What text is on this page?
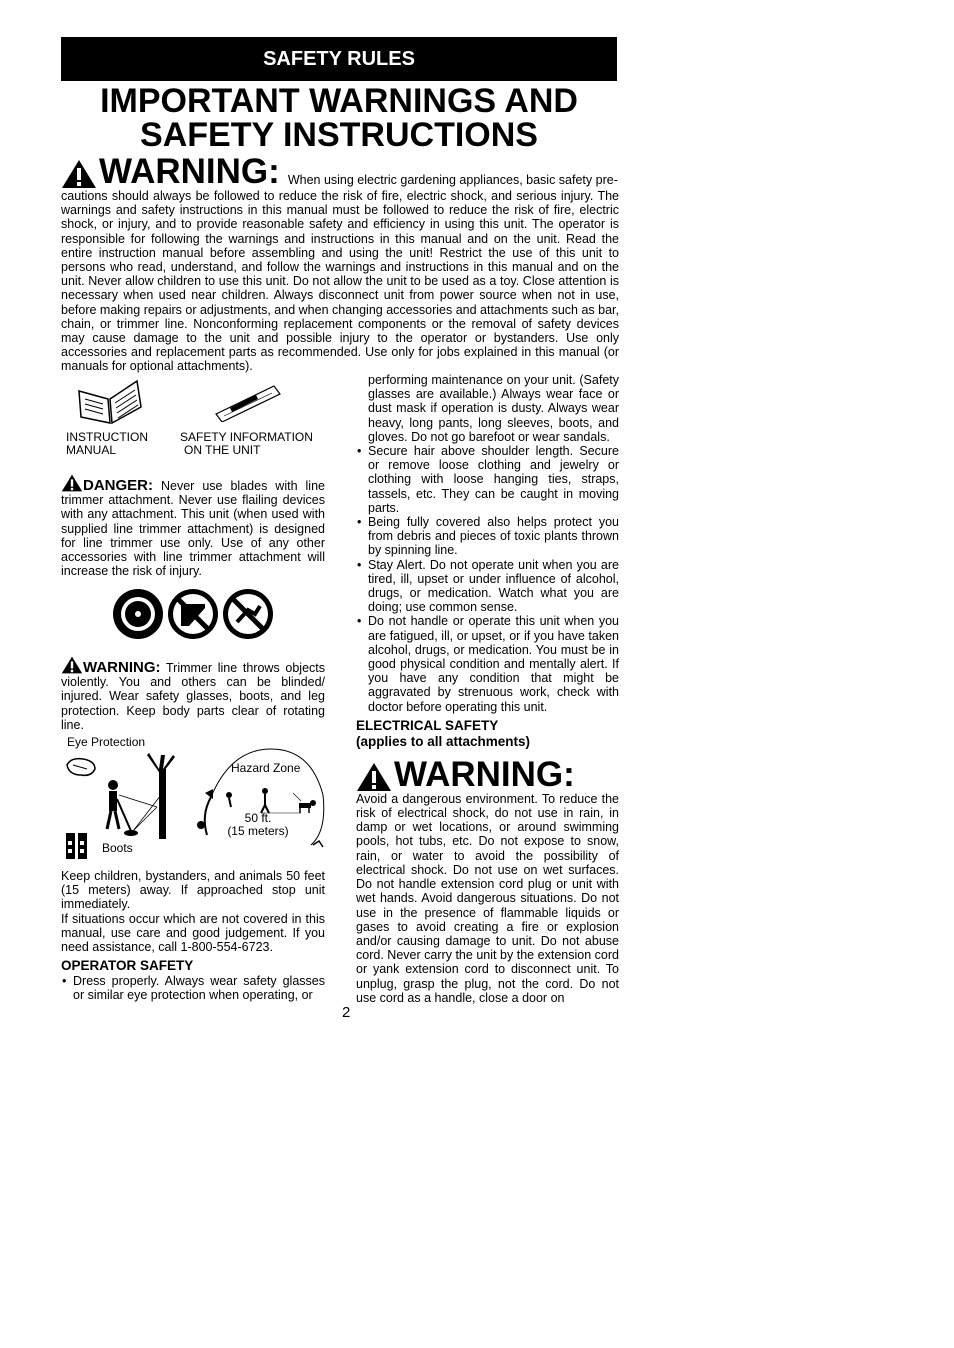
SAFETY RULES
IMPORTANT WARNINGS AND
SAFETY INSTRUCTIONS
WARNING: When using electric gardening appliances, basic safety pre-
cautions should always be followed to reduce the risk of fire, electric shock, and serious injury. The warnings and safety instructions in this manual must be followed to reduce the risk of fire, electric shock, or injury, and to provide reasonable safety and efficiency in using this unit. The operator is responsible for following the warnings and instructions in this manual and on the unit. Read the entire instruction manual before assembling and using the unit! Restrict the use of this unit to persons who read, understand, and follow the warnings and instructions in this manual and on the unit. Never allow children to use this unit. Do not allow the unit to be used as a toy. Close attention is necessary when used near children. Always disconnect unit from power source when not in use, before making repairs or adjustments, and when changing accessories and attachments such as bar, chain, or trimmer line. Nonconforming replacement components or the removal of safety devices may cause damage to the unit and possible injury to the operator or bystanders. Use only accessories and replacement parts as recommended. Use only for jobs explained in this manual (or manuals for optional attachments).
INSTRUCTION
MANUAL
SAFETY INFORMATION
ON THE UNIT
DANGER: Never use blades with line trimmer attachment. Never use flailing devices with any attachment. This unit (when used with supplied line trimmer attachment) is designed for line trimmer use only. Use of any other accessories with line trimmer attachment will increase the risk of injury.
WARNING: Trimmer line throws objects violently. You and others can be blinded/ injured. Wear safety glasses, boots, and leg protection. Keep body parts clear of rotating line.
Eye Protection
Hazard Zone
50 ft.
(15 meters)
Boots
Keep children, bystanders, and animals 50 feet (15 meters) away. If approached stop unit immediately.
If situations occur which are not covered in this manual, use care and good judgement. If you need assistance, call 1-800-554-6723.
OPERATOR SAFETY
• Dress properly. Always wear safety glasses or similar eye protection when operating, or
2
performing maintenance on your unit. (Safety glasses are available.) Always wear face or dust mask if operation is dusty. Always wear heavy, long pants, long sleeves, boots, and gloves. Do not go barefoot or wear sandals.
• Secure hair above shoulder length. Secure or remove loose clothing and jewelry or clothing with loose hanging ties, straps, tassels, etc. They can be caught in moving parts.
• Being fully covered also helps protect you from debris and pieces of toxic plants thrown by spinning line.
• Stay Alert. Do not operate unit when you are tired, ill, upset or under influence of alcohol, drugs, or medication. Watch what you are doing; use common sense.
• Do not handle or operate this unit when you are fatigued, ill, or upset, or if you have taken alcohol, drugs, or medication. You must be in good physical condition and mentally alert. If you have any condition that might be aggravated by strenuous work, check with doctor before operating this unit.
ELECTRICAL SAFETY
(applies to all attachments)
WARNING:
Avoid a dangerous environment. To reduce the risk of electrical shock, do not use in rain, in damp or wet locations, or around swimming pools, hot tubs, etc. Do not expose to snow, rain, or water to avoid the possibility of electrical shock. Do not use on wet surfaces. Do not handle extension cord plug or unit with wet hands. Avoid dangerous situations. Do not use in the presence of flammable liquids or gases to avoid creating a fire or explosion and/or causing damage to unit. Do not abuse cord. Never carry the unit by the extension cord or yank extension cord to disconnect unit. To unplug, grasp the plug, not the cord. Do not use cord as a handle, close a door on
